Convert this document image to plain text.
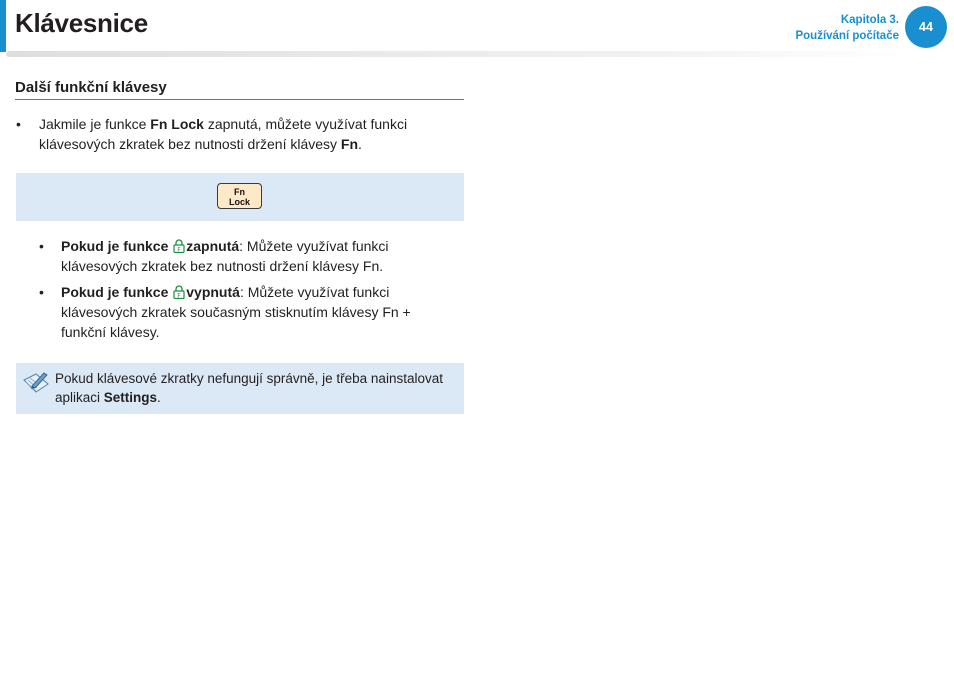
Klávesnice	Kapitola 3.
Používání počítače
44
Další funkční klávesy
• Jakmile je funkce Fn Lock zapnutá, můžete využívat funkci klávesových zkratek bez nutnosti držení klávesy Fn.
Fn
Lock
• Pokud je funkce F zapnutá: Můžete využívat funkci klávesových zkratek bez nutnosti držení klávesy Fn.
• Pokud je funkce F vypnutá: Můžete využívat funkci klávesových zkratek současným stisknutím klávesy Fn + funkční klávesy.
Pokud klávesové zkratky nefungují správně, je třeba nainstalovat aplikaci Settings.
